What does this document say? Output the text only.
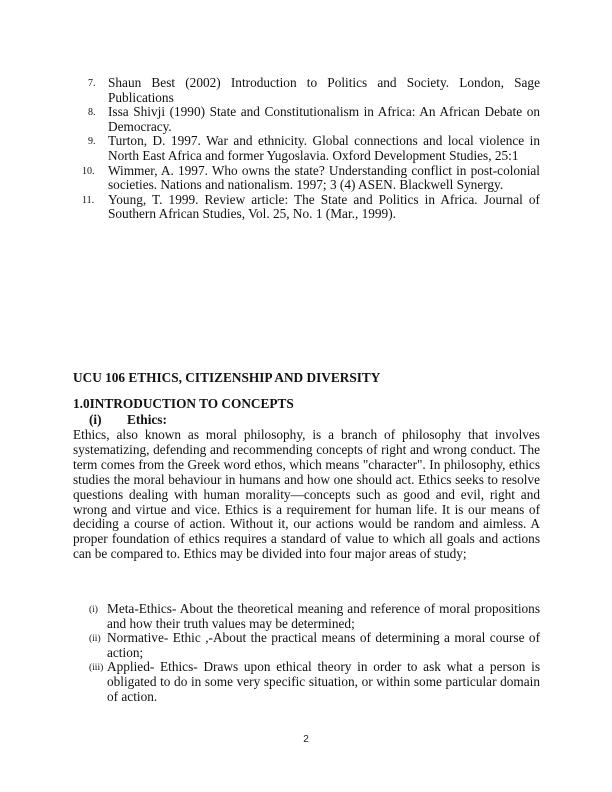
7. Shaun Best (2002) Introduction to Politics and Society. London, Sage Publications
8. Issa Shivji (1990) State and Constitutionalism in Africa: An African Debate on Democracy.
9. Turton, D. 1997. War and ethnicity. Global connections and local violence in North East Africa and former Yugoslavia. Oxford Development Studies, 25:1
10. Wimmer, A. 1997. Who owns the state? Understanding conflict in post-colonial societies. Nations and nationalism. 1997; 3 (4) ASEN. Blackwell Synergy.
11. Young, T. 1999. Review article: The State and Politics in Africa. Journal of Southern African Studies, Vol. 25, No. 1 (Mar., 1999).
UCU 106 ETHICS, CITIZENSHIP AND DIVERSITY
1.0INTRODUCTION TO CONCEPTS
(i) Ethics:

Ethics, also known as moral philosophy, is a branch of philosophy that involves systematizing, defending and recommending concepts of right and wrong conduct. The term comes from the Greek word ethos, which means "character". In philosophy, ethics studies the moral behaviour in humans and how one should act. Ethics seeks to resolve questions dealing with human morality—concepts such as good and evil, right and wrong and virtue and vice. Ethics is a requirement for human life. It is our means of deciding a course of action. Without it, our actions would be random and aimless. A proper foundation of ethics requires a standard of value to which all goals and actions can be compared to. Ethics may be divided into four major areas of study;

(i) Meta-Ethics- About the theoretical meaning and reference of moral propositions and how their truth values may be determined;
(ii) Normative- Ethic ,-About the practical means of determining a moral course of action;
(iii) Applied- Ethics- Draws upon ethical theory in order to ask what a person is obligated to do in some very specific situation, or within some particular domain of action.
2
